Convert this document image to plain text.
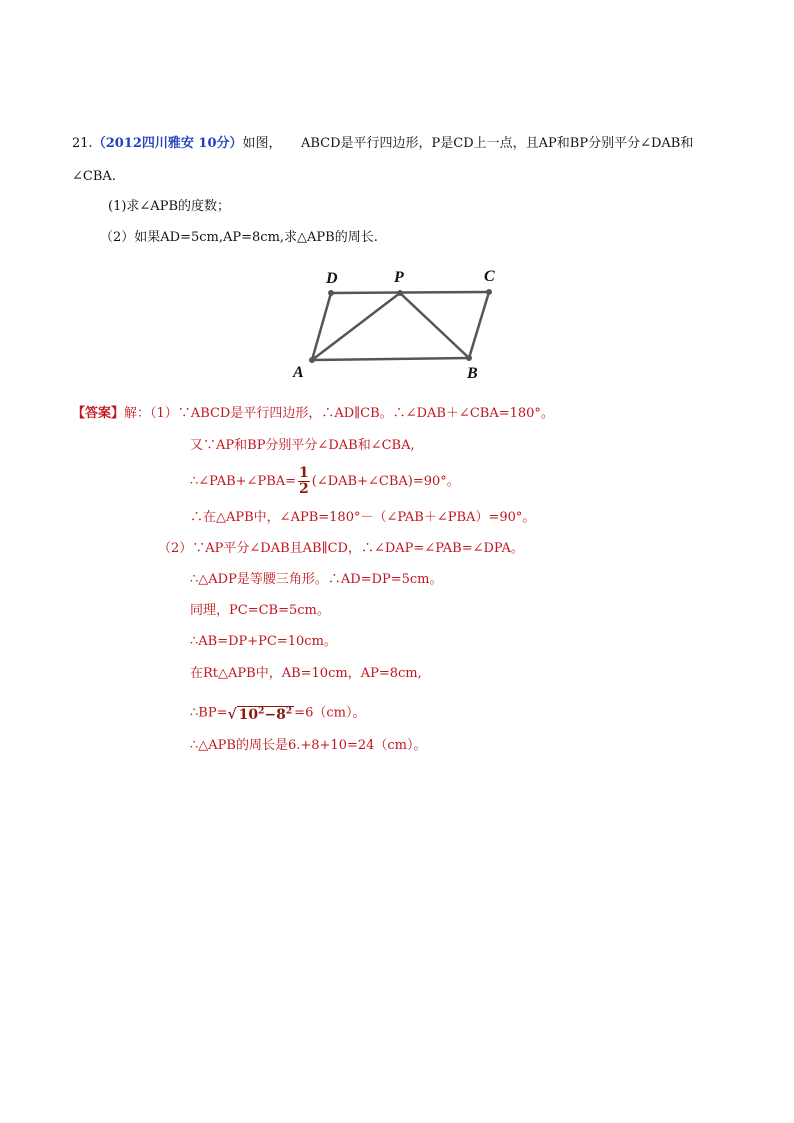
21.（2012四川雅安 10分）如图，　　ABCD是平行四边形，P是CD上一点，且AP和BP分别平分∠DAB和
∠CBA.
(1)求∠APB的度数；
（2）如果AD=5cm,AP=8cm,求△APB的周长.
D	P	C
A	B
【答案】解：（1）∵ABCD是平行四边形，∴AD∥CB。∴∠DAB＋∠CBA=180°。
又∵AP和BP分别平分∠DAB和∠CBA,
∴∠PAB+∠PBA= $\frac{1}{2}$ (∠DAB+∠CBA)=90°。
∴在△APB中，∠APB=180°－（∠PAB＋∠PBA）=90°。
（2）∵AP平分∠DAB且AB∥CD，∴∠DAP=∠PAB=∠DPA。
∴△ADP是等腰三角形。∴AD=DP=5cm。
同理，PC=CB=5cm。
∴AB=DP+PC=10cm。
在Rt△APB中，AB=10cm，AP=8cm,
∴BP=√ $10^2-8^2 =6(cm)$。
∴△APB的周长是6.+8+10=24（cm）。
